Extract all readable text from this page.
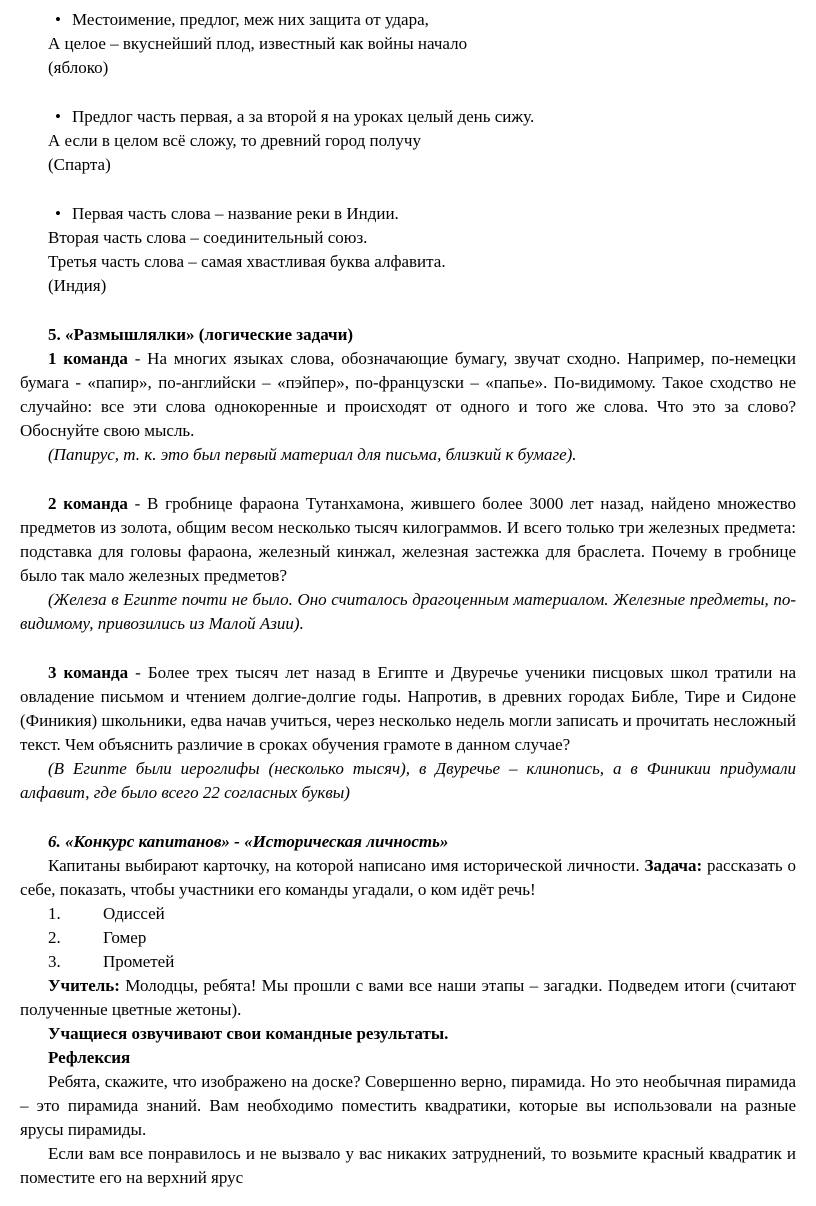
• Местоимение, предлог, меж них защита от удара,
А целое – вкуснейший плод, известный как войны начало
(яблоко)
• Предлог часть первая, а за второй я на уроках целый день сижу.
А если в целом всё сложу, то древний город получу
(Спарта)
• Первая часть слова – название реки в Индии.
Вторая часть слова – соединительный союз.
Третья часть слова – самая хвастливая буква алфавита.
(Индия)

5. «Размышлялки» (логические задачи)

1 команда - На многих языках слова, обозначающие бумагу, звучат сходно. Например, по-немецки бумага - «папир», по-английски – «пэйпер», по-французски – «папье». По-видимому. Такое сходство не случайно: все эти слова однокоренные и происходят от одного и того же слова. Что это за слово? Обоснуйте свою мысль.

(Папирус, т. к. это был первый материал для письма, близкий к бумаге).

2 команда - В гробнице фараона Тутанхамона, жившего более 3000 лет назад, найдено множество предметов из золота, общим весом несколько тысяч килограммов. И всего только три железных предмета: подставка для головы фараона, железный кинжал, железная застежка для браслета. Почему в гробнице было так мало железных предметов?

(Железа в Египте почти не было. Оно считалось драгоценным материалом. Железные предметы, по-видимому, привозились из Малой Азии).

3 команда - Более трех тысяч лет назад в Египте и Двуречье ученики писцовых школ тратили на овладение письмом и чтением долгие-долгие годы. Напротив, в древних городах Библе, Тире и Сидоне (Финикия) школьники, едва начав учиться, через несколько недель могли записать и прочитать несложный текст. Чем объяснить различие в сроках обучения грамоте в данном случае?

(В Египте были иероглифы (несколько тысяч), в Двуречье – клинопись, а в Финикии придумали алфавит, где было всего 22 согласных буквы)

6. «Конкурс капитанов» - «Историческая личность»

Капитаны выбирают карточку, на которой написано имя исторической личности. Задача: рассказать о себе, показать, чтобы участники его команды угадали, о ком идёт речь!

1. Одиссей
2. Гомер
3. Прометей

Учитель: Молодцы, ребята! Мы прошли с вами все наши этапы – загадки. Подведем итоги (считают полученные цветные жетоны).

Учащиеся озвучивают свои командные результаты.

Рефлексия

Ребята, скажите, что изображено на доске? Совершенно верно, пирамида. Но это необычная пирамида – это пирамида знаний. Вам необходимо поместить квадратики, которые вы использовали на разные ярусы пирамиды.

Если вам все понравилось и не вызвало у вас никаких затруднений, то возьмите красный квадратик и поместите его на верхний ярус
